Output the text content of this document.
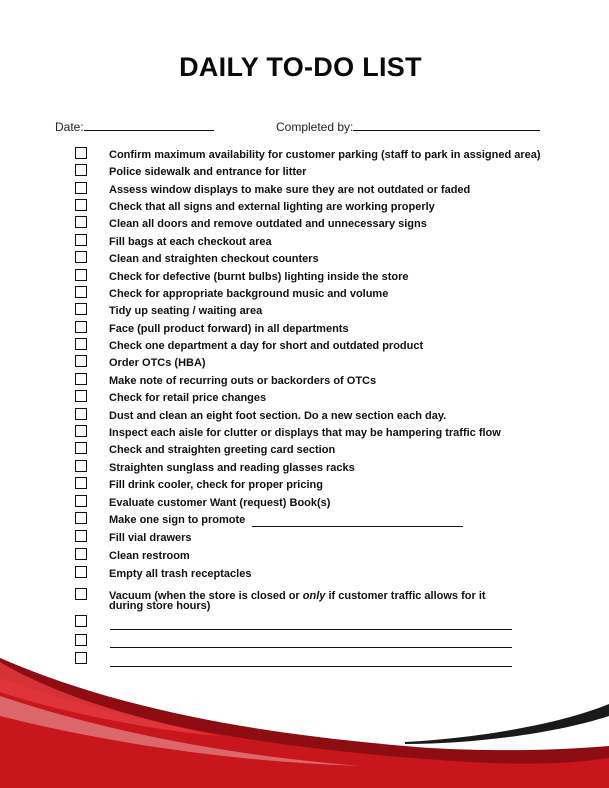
DAILY TO-DO LIST
Date:	Completed by:
Confirm maximum availability for customer parking (staff to park in assigned area)
Police sidewalk and entrance for litter
Assess window displays to make sure they are not outdated or faded
Check that all signs and external lighting are working properly
Clean all doors and remove outdated and unnecessary signs
Fill bags at each checkout area
Clean and straighten checkout counters
Check for defective (burnt bulbs) lighting inside the store
Check for appropriate background music and volume
Tidy up seating / waiting area
Face (pull product forward) in all departments
Check one department a day for short and outdated product
Order OTCs (HBA)
Make note of recurring outs or backorders of OTCs
Check for retail price changes
Dust and clean an eight foot section. Do a new section each day.
Inspect each aisle for clutter or displays that may be hampering traffic flow
Check and straighten greeting card section
Straighten sunglass and reading glasses racks
Fill drink cooler, check for proper pricing
Evaluate customer Want (request) Book(s)
Make one sign to promote
Fill vial drawers
Clean restroom
Empty all trash receptacles
Vacuum (when the store is closed or only if customer traffic allows for it during store hours)
